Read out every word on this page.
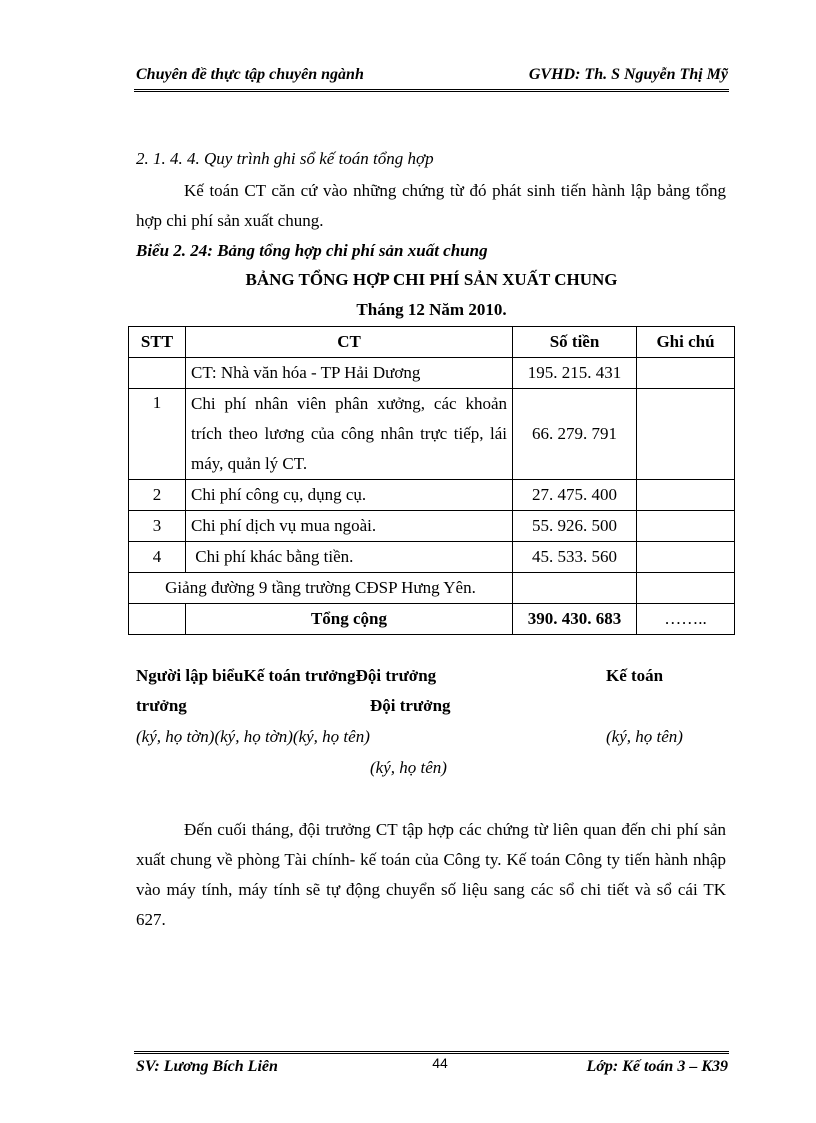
Chuyên đề thực tập chuyên ngành	GVHD: Th. S Nguyễn Thị Mỹ
2. 1. 4. 4. Quy trình ghi sổ kế toán tổng hợp
Kế toán CT căn cứ vào những chứng từ đó phát sinh tiến hành lập bảng tổng hợp chi phí sản xuất chung.
Biểu 2. 24: Bảng tổng hợp chi phí sản xuất chung
BẢNG TỔNG HỢP CHI PHÍ SẢN XUẤT CHUNG
Tháng 12 Năm 2010.
STT	CT	Số tiền	Ghi chú
	CT: Nhà văn hóa - TP Hải Dương	195. 215. 431	
1	Chi phí nhân viên phân xưởng, các khoản trích theo lương của công nhân trực tiếp, lái máy, quản lý CT.	66. 279. 791	
2	Chi phí công cụ, dụng cụ.	27. 475. 400	
3	Chi phí dịch vụ mua ngoài.	55. 926. 500	
4	Chi phí khác bằng tiền.	45. 533. 560	
Giảng đường 9 tầng trường CĐSP Hưng Yên.			
	Tổng cộng	390. 430. 683	……..
Người lập biểuKế toán trưởngĐội trưởng	Kế toán
trưởng	Đội trưởng
(ký, họ tờn)(ký, họ tờn)(ký, họ tên)	(ký, họ tên)
(ký, họ tên)
Đến cuối tháng, đội trưởng CT tập hợp các chứng từ liên quan đến chi phí sản xuất chung về phòng Tài chính- kế toán của Công ty. Kế toán Công ty tiến hành nhập vào máy tính, máy tính sẽ tự động chuyển số liệu sang các sổ chi tiết và sổ cái TK 627.
SV: Lương Bích Liên	44	Lớp: Kế toán 3 – K39
